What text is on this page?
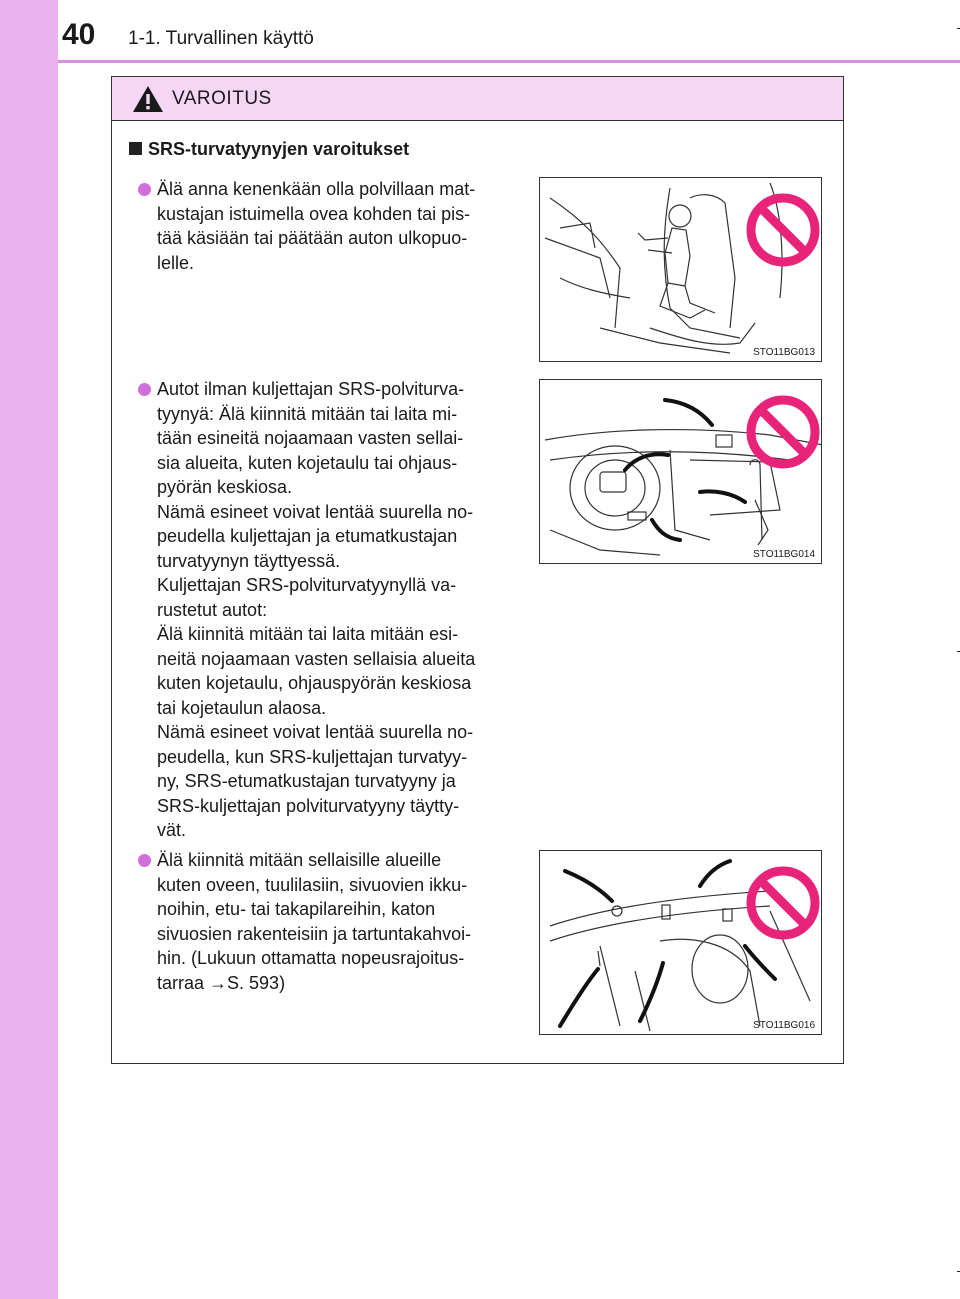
40 1-1. Turvallinen käyttö
VAROITUS
SRS-turvatyynyjen varoitukset
Älä anna kenenkään olla polvillaan mat-
kustajan istuimella ovea kohden tai pis-
tää käsiään tai päätään auton ulkopuo-
lelle.
STO11BG013
Autot ilman kuljettajan SRS-polviturva-
tyynyä: Älä kiinnitä mitään tai laita mi-
tään esineitä nojaamaan vasten sellai-
sia alueita, kuten kojetaulu tai ohjaus-
pyörän keskiosa.
Nämä esineet voivat lentää suurella no-
peudella kuljettajan ja etumatkustajan
turvatyynyn täyttyessä.
Kuljettajan SRS-polviturvatyynyllä va-
rustetut autot:
Älä kiinnitä mitään tai laita mitään esi-
neitä nojaamaan vasten sellaisia alueita
kuten kojetaulu, ohjauspyörän keskiosa
tai kojetaulun alaosa.
Nämä esineet voivat lentää suurella no-
peudella, kun SRS-kuljettajan turvatyy-
ny, SRS-etumatkustajan turvatyyny ja
SRS-kuljettajan polviturvatyyny täytty-
vät.
STO11BG014
Älä kiinnitä mitään sellaisille alueille
kuten oveen, tuulilasiin, sivuovien ikku-
noihin, etu- tai takapilareihin, katon
sivuosien rakenteisiin ja tartuntakahvoi-
hin. (Lukuun ottamatta nopeusrajoitus-
tarraa →S. 593)
STO11BG016
